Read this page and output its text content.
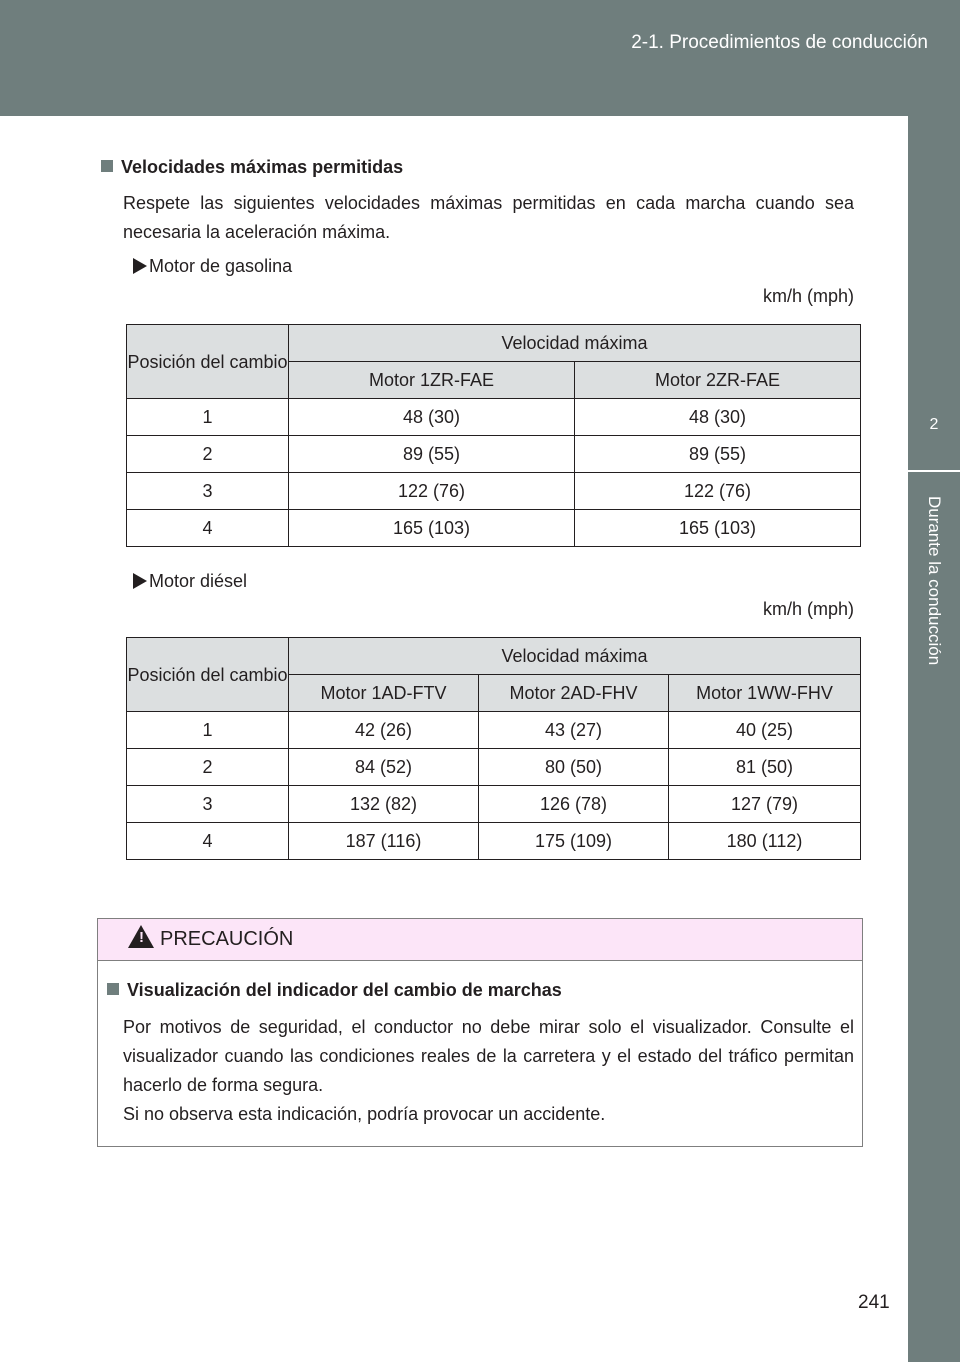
2-1. Procedimientos de conducción
2
Durante la conducción
Velocidades máximas permitidas
Respete las siguientes velocidades máximas permitidas en cada marcha cuando sea necesaria la aceleración máxima.
Motor de gasolina
km/h (mph)
Posición del cambio	Velocidad máxima	
	Motor 1ZR-FAE	Motor 2ZR-FAE
1	48 (30)	48 (30)
2	89 (55)	89 (55)
3	122 (76)	122 (76)
4	165 (103)	165 (103)
Motor diésel
km/h (mph)
Posición del cambio	Velocidad máxima		
	Motor 1AD-FTV	Motor 2AD-FHV	Motor 1WW-FHV
1	42 (26)	43 (27)	40 (25)
2	84 (52)	80 (50)	81 (50)
3	132 (82)	126 (78)	127 (79)
4	187 (116)	175 (109)	180 (112)
! PRECAUCIÓN
Visualización del indicador del cambio de marchas
Por motivos de seguridad, el conductor no debe mirar solo el visualizador. Consulte el visualizador cuando las condiciones reales de la carretera y el estado del tráfico permitan hacerlo de forma segura.
Si no observa esta indicación, podría provocar un accidente.
241
